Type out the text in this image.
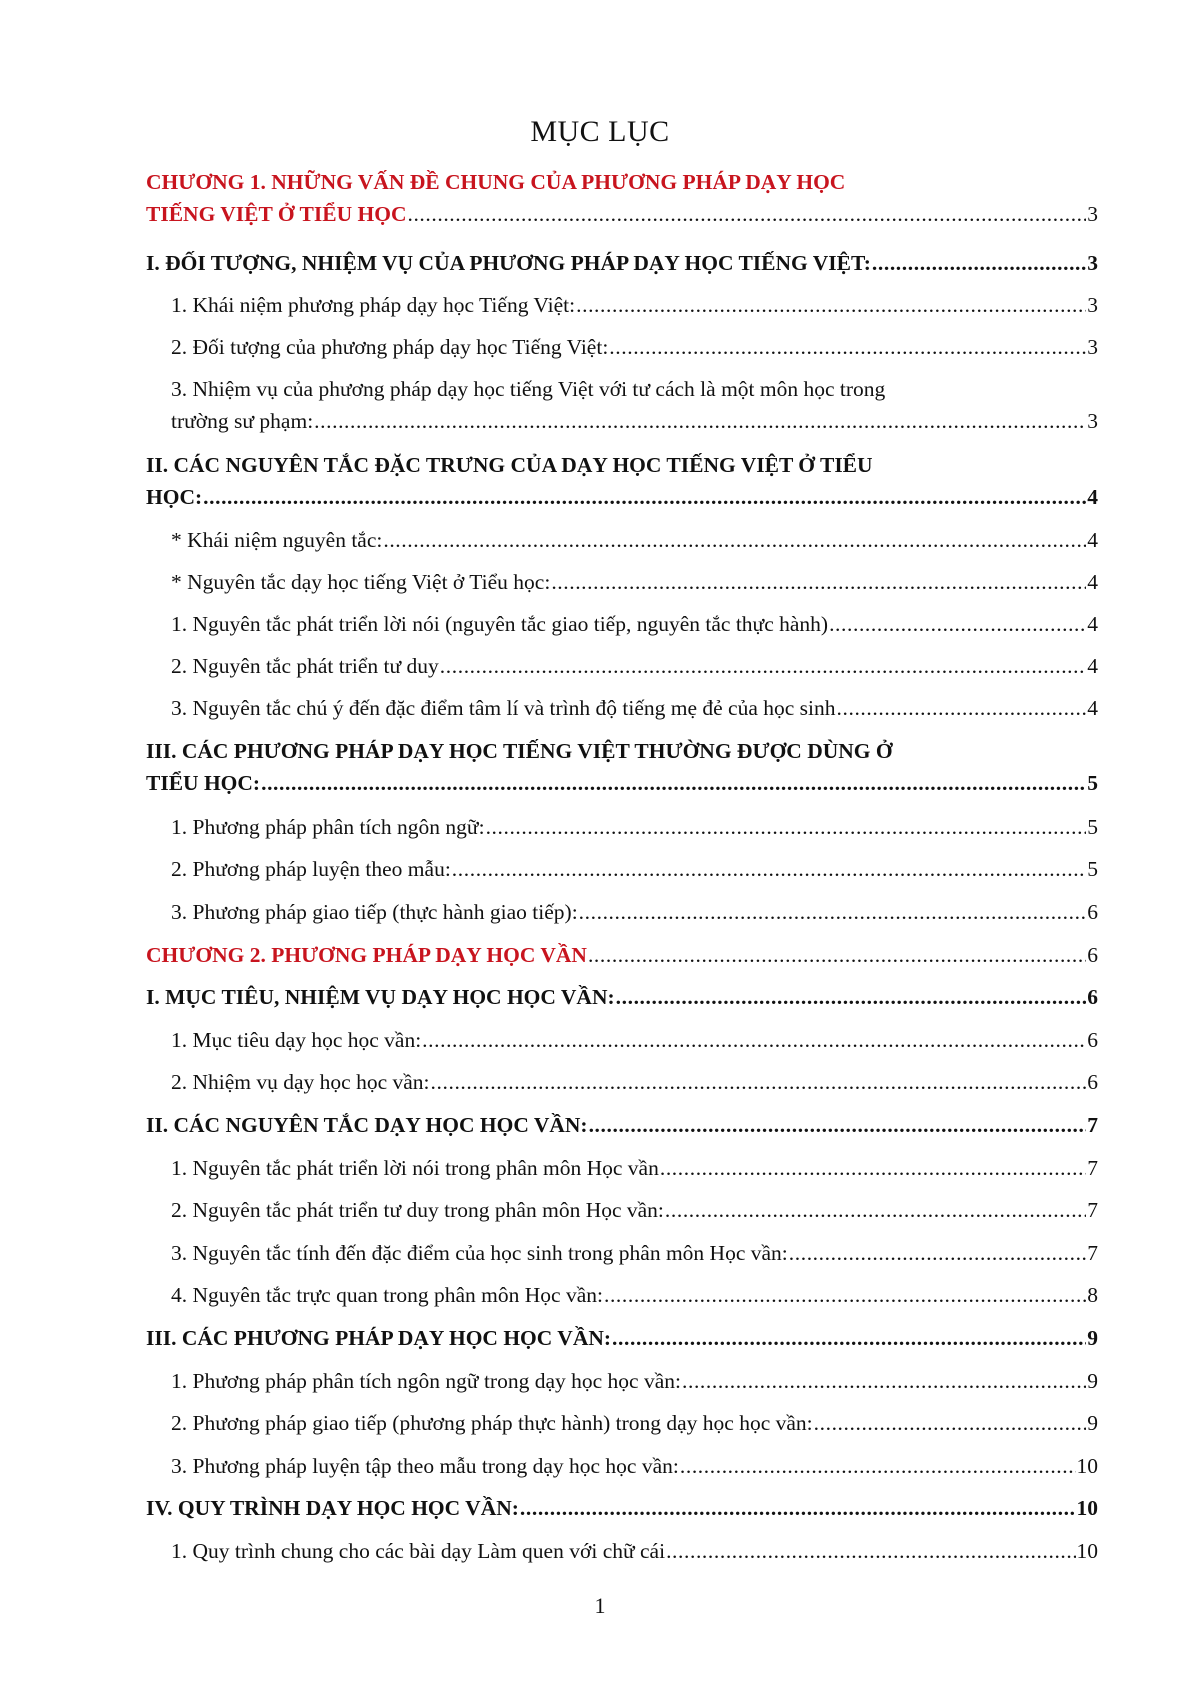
MỤC LỤC
CHƯƠNG 1. NHỮNG VẤN ĐỀ CHUNG CỦA PHƯƠNG PHÁP DẠY HỌC
TIẾNG VIỆT Ở TIỂU HỌC .....	3
I. ĐỐI TƯỢNG, NHIỆM VỤ CỦA PHƯƠNG PHÁP DẠY HỌC TIẾNG VIỆT: .....	3
1. Khái niệm phương pháp dạy học Tiếng Việt: .....	3
2. Đối tượng của phương pháp dạy học Tiếng Việt: .....	3
3. Nhiệm vụ của phương pháp dạy học tiếng Việt với tư cách là một môn học trong
trường sư phạm: .....	3
II. CÁC NGUYÊN TẮC ĐẶC TRƯNG CỦA DẠY HỌC TIẾNG VIỆT Ở TIỂU
HỌC: .....	4
* Khái niệm nguyên tắc: .....	4
* Nguyên tắc dạy học tiếng Việt ở Tiểu học: .....	4
1. Nguyên tắc phát triển lời nói (nguyên tắc giao tiếp, nguyên tắc thực hành) .....	4
2. Nguyên tắc phát triển tư duy .....	4
3. Nguyên tắc chú ý đến đặc điểm tâm lí và trình độ tiếng mẹ đẻ của học sinh .....	4
III. CÁC PHƯƠNG PHÁP DẠY HỌC TIẾNG VIỆT THƯỜNG ĐƯỢC DÙNG Ở
TIỂU HỌC: .....	5
1. Phương pháp phân tích ngôn ngữ: .....	5
2. Phương pháp luyện theo mẫu: .....	5
3. Phương pháp giao tiếp (thực hành giao tiếp): .....	6
CHƯƠNG 2. PHƯƠNG PHÁP DẠY HỌC VẦN .....	6
I. MỤC TIÊU, NHIỆM VỤ DẠY HỌC HỌC VẦN: .....	6
1. Mục tiêu dạy học học vần: .....	6
2. Nhiệm vụ dạy học học vần: .....	6
II. CÁC NGUYÊN TẮC DẠY HỌC HỌC VẦN: .....	7
1. Nguyên tắc phát triển lời nói trong phân môn Học vần .....	7
2. Nguyên tắc phát triển tư duy trong phân môn Học vần: .....	7
3. Nguyên tắc tính đến đặc điểm của học sinh trong phân môn Học vần: .....	7
4. Nguyên tắc trực quan trong phân môn Học vần: .....	8
III. CÁC PHƯƠNG PHÁP DẠY HỌC HỌC VẦN: .....	9
1. Phương pháp phân tích ngôn ngữ trong dạy học học vần: .....	9
2. Phương pháp giao tiếp (phương pháp thực hành) trong dạy học học vần: .....	9
3. Phương pháp luyện tập theo mẫu trong dạy học học vần: .....	10
IV. QUY TRÌNH DẠY HỌC HỌC VẦN: .....	10
1. Quy trình chung cho các bài dạy Làm quen với chữ cái .....	10
1
